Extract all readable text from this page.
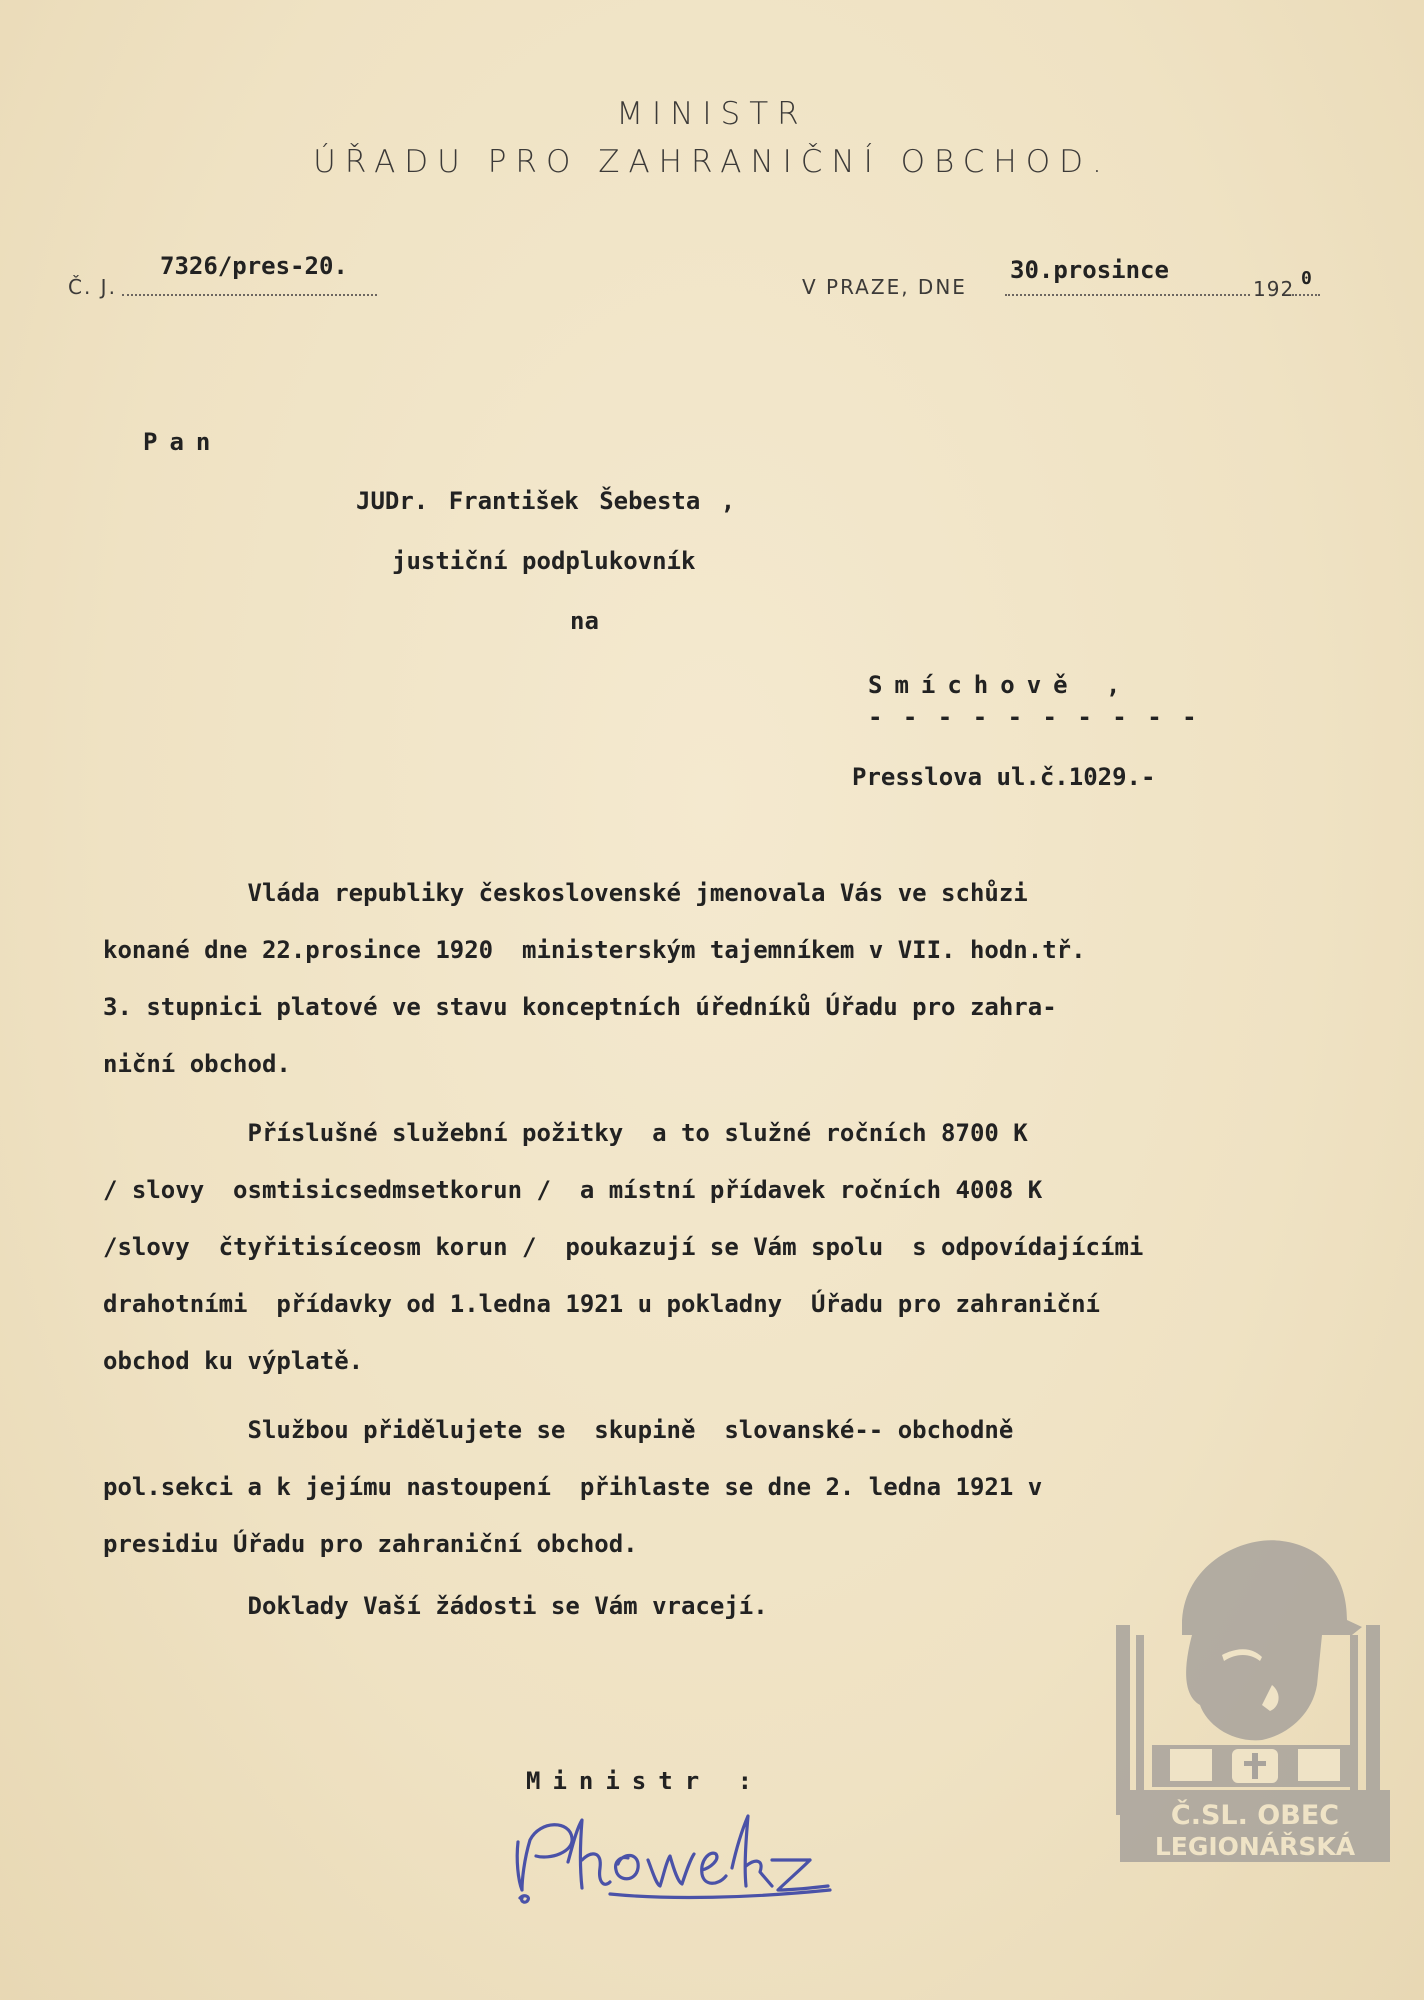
MINISTR
ÚŘADU PRO ZAHRANIČNÍ OBCHOD.
Č. J.
7326/pres-20.
V PRAZE, DNE
30.prosince
192 0
Pan
JUDr. František Šebesta ,
justiční podplukovník
na
Smíchově ,
- - - - - - - - - -
Presslova ul.č.1029.-
Vláda republiky československé jmenovala Vás ve schůzi
konané dne 22.prosince 1920  ministerským tajemníkem v VII. hodn.tř.
3. stupnici platové ve stavu konceptních úředníků Úřadu pro zahra-
niční obchod.
Příslušné služební požitky  a to služné ročních 8700 K
/ slovy  osmtisicsedmsetkorun /  a místní přídavek ročních 4008 K
/slovy  čtyřitisíceosm korun /  poukazují se Vám spolu  s odpovídajícími
drahotními  přídavky od 1.ledna 1921 u pokladny  Úřadu pro zahraniční
obchod ku výplatě.
Službou přidělujete se  skupině  slovanské-- obchodně
pol.sekci a k jejímu nastoupení  přihlaste se dne 2. ledna 1921 v
presidiu Úřadu pro zahraniční obchod.
Doklady Vaší žádosti se Vám vracejí.
Ministr :
Č.SL. OBEC
LEGIONÁŘSKÁ
